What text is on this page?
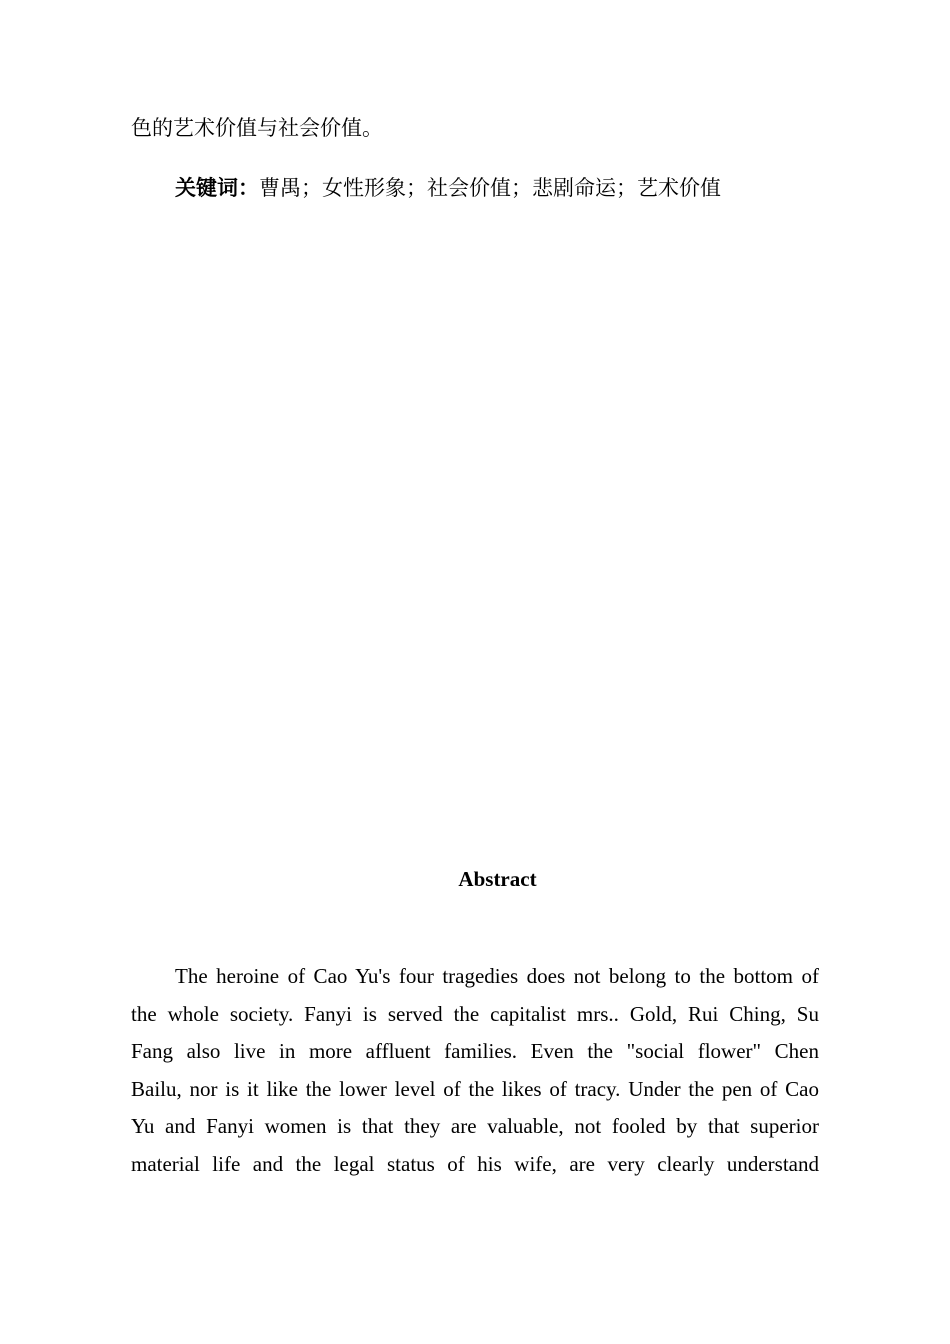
色的艺术价值与社会价值。
关键词：曹禺；女性形象；社会价值；悲剧命运；艺术价值
Abstract
The heroine of Cao Yu's four tragedies does not belong to the bottom of
the whole society. Fanyi is served the capitalist mrs.. Gold, Rui Ching, Su
Fang also live in more affluent families. Even the "social flower" Chen
Bailu, nor is it like the lower level of the likes of tracy. Under the pen of Cao
Yu and Fanyi women is that they are valuable, not fooled by that superior
material life and the legal status of his wife, are very clearly understand
